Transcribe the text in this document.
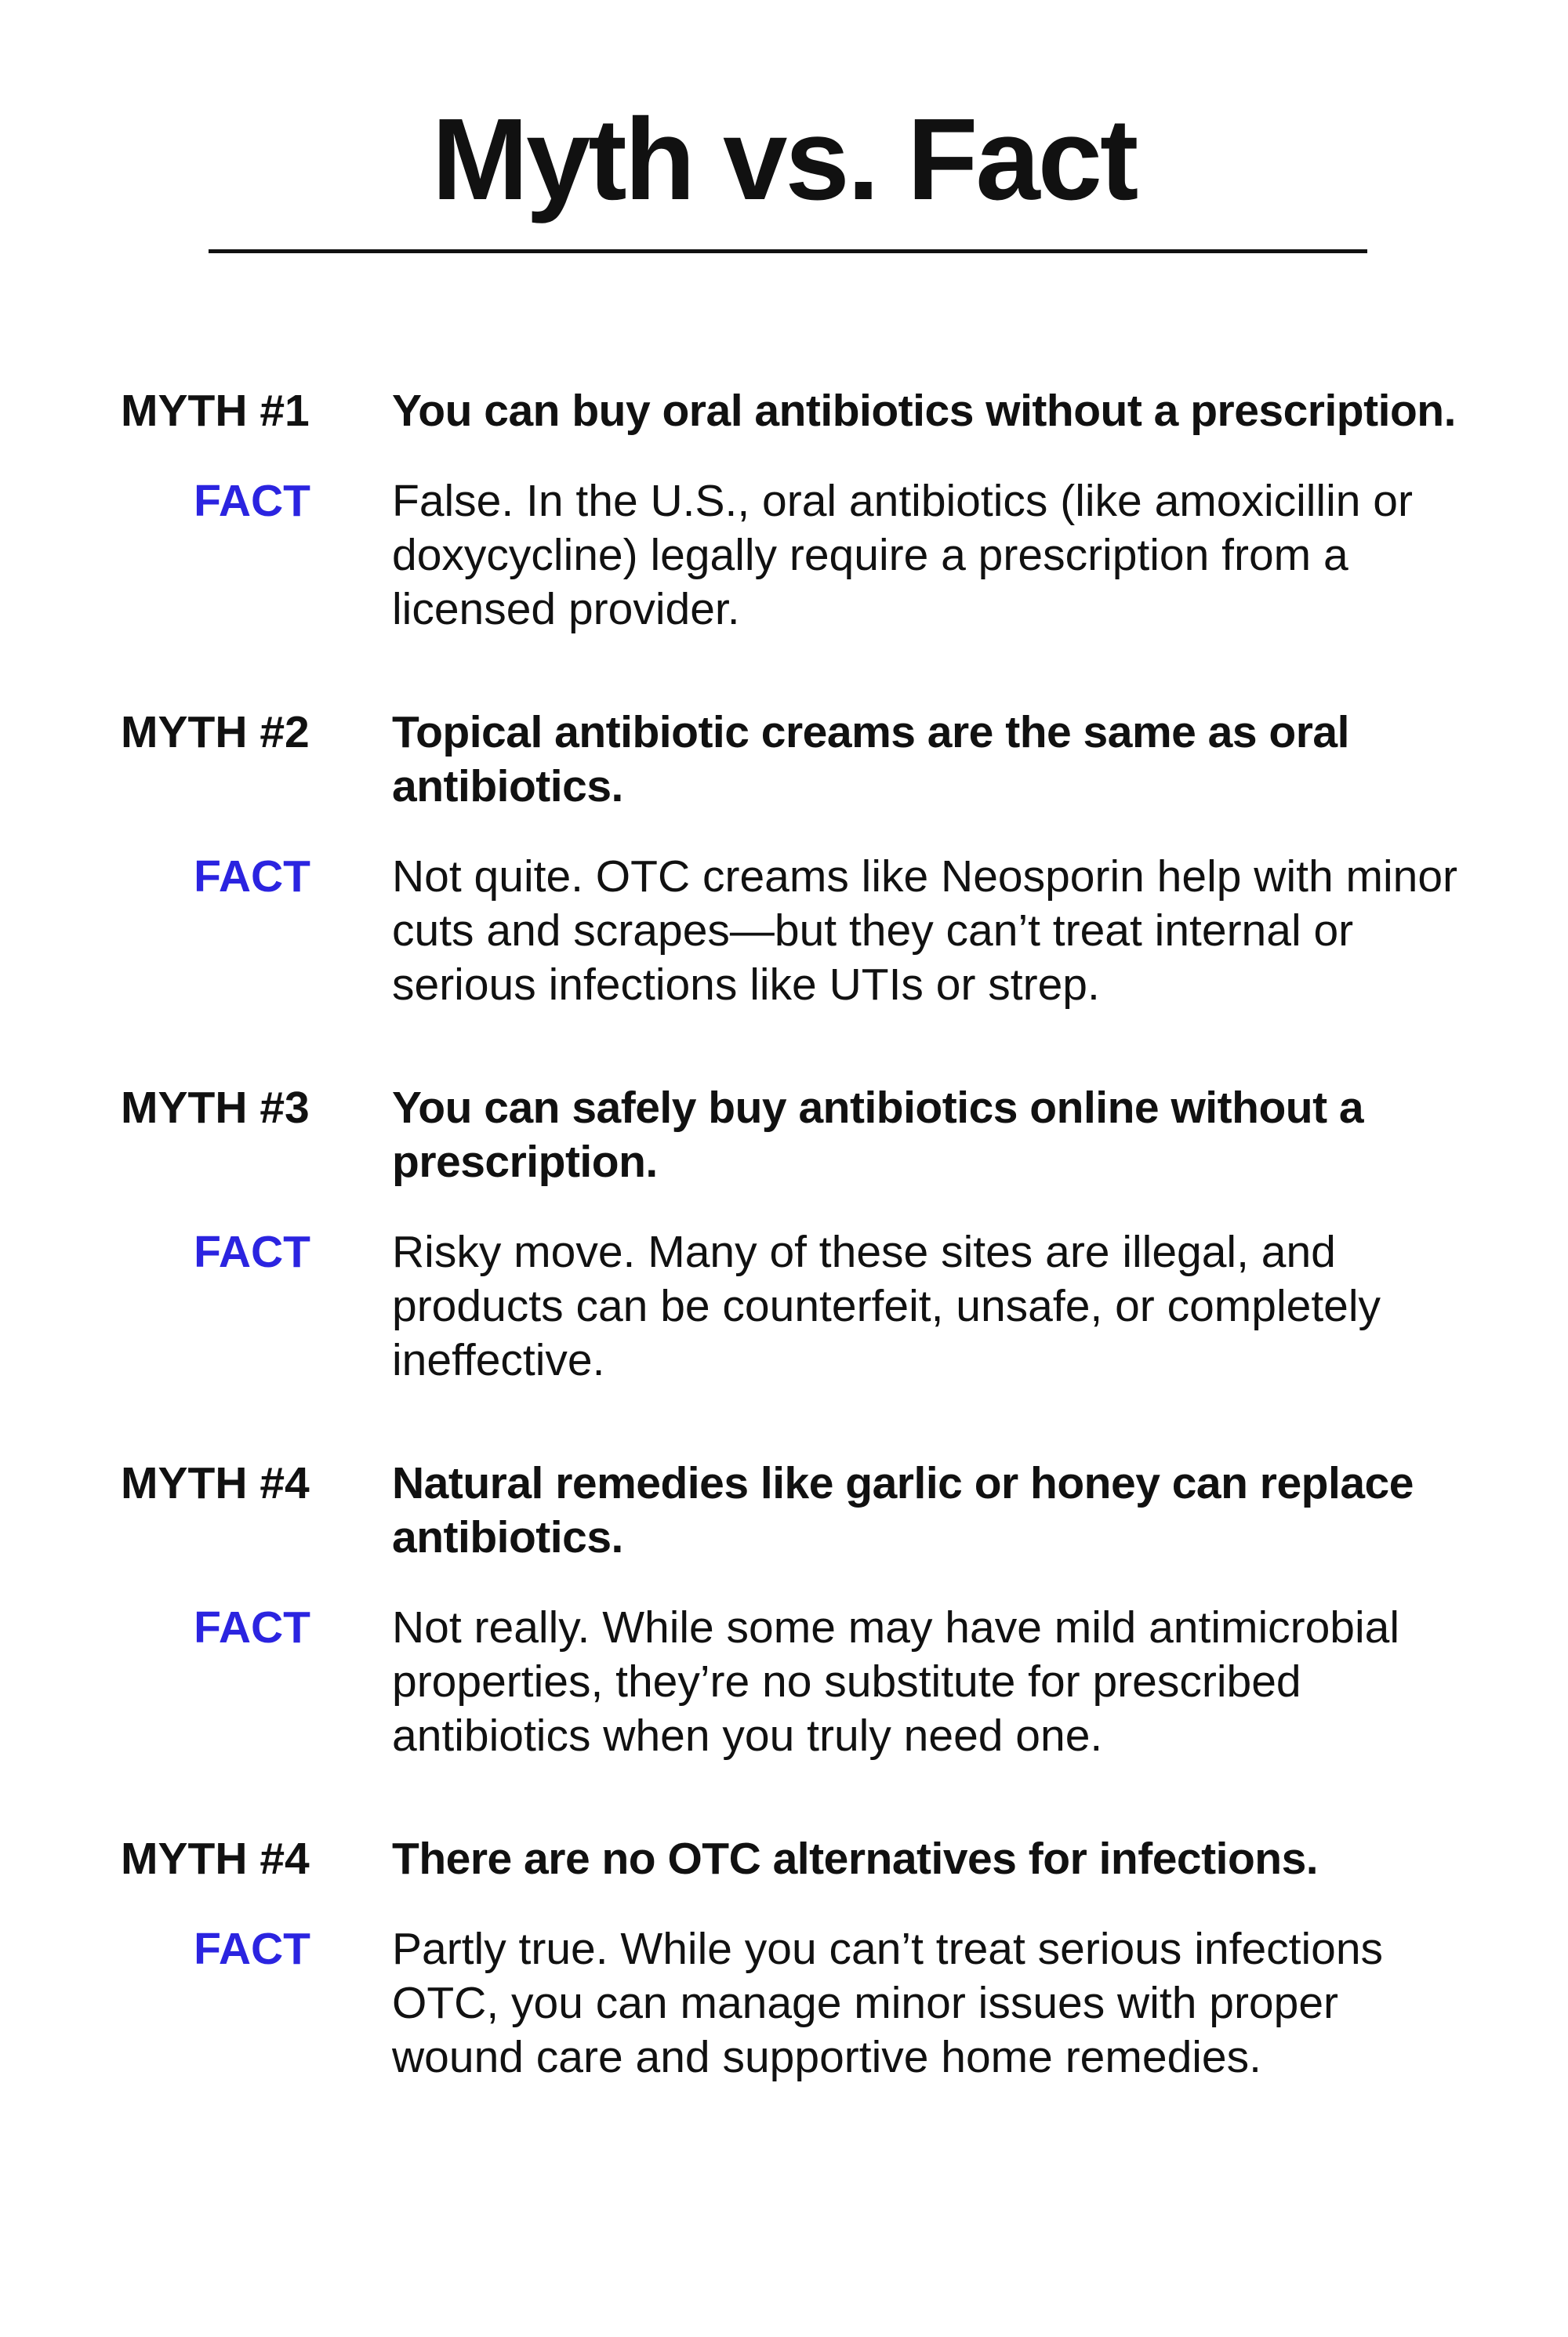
Myth vs. Fact
MYTH #1	You can buy oral antibiotics without a prescription.
FACT False. In the U.S., oral antibiotics (like amoxicillin or doxycycline) legally require a prescription from a licensed provider.
MYTH #2	Topical antibiotic creams are the same as oral antibiotics.
FACT Not quite. OTC creams like Neosporin help with minor cuts and scrapes—but they can’t treat internal or serious infections like UTIs or strep.
MYTH #3	You can safely buy antibiotics online without a prescription.
FACT Risky move. Many of these sites are illegal, and products can be counterfeit, unsafe, or completely ineffective.
MYTH #4	Natural remedies like garlic or honey can replace antibiotics.
FACT Not really. While some may have mild antimicrobial properties, they’re no substitute for prescribed antibiotics when you truly need one.
MYTH #4	There are no OTC alternatives for infections.
FACT Partly true. While you can’t treat serious infections OTC, you can manage minor issues with proper wound care and supportive home remedies.
